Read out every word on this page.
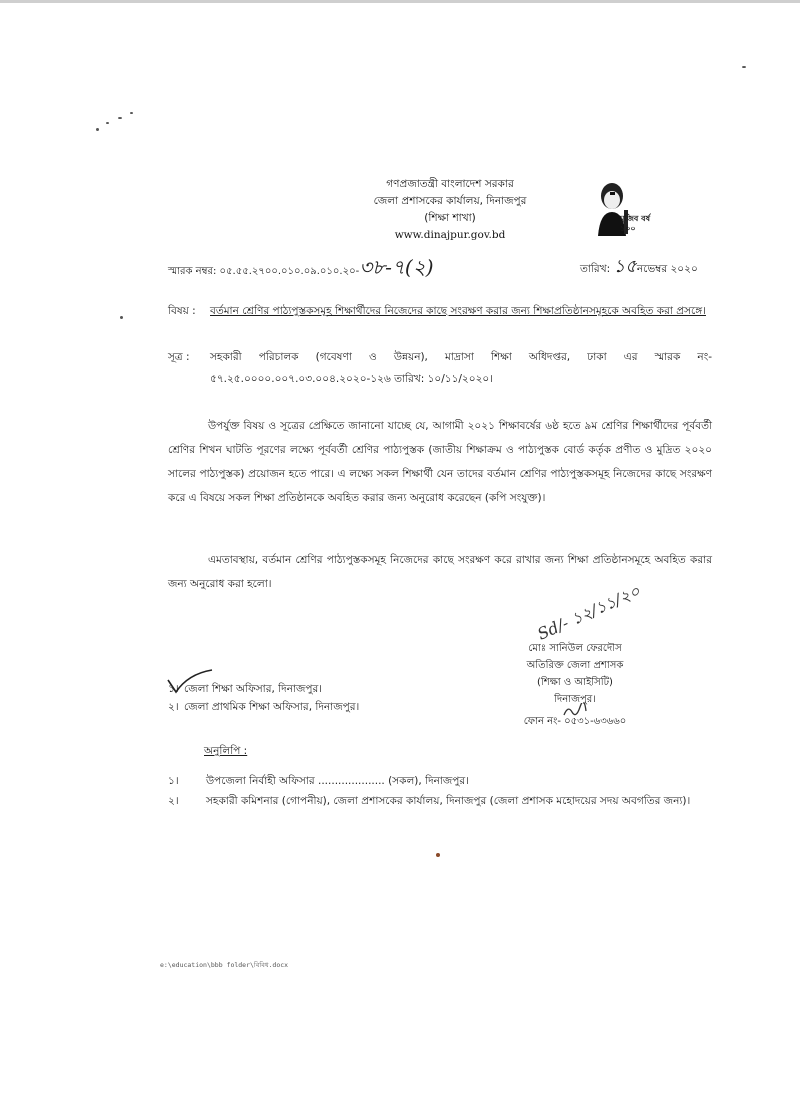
গণপ্রজাতন্ত্রী বাংলাদেশ সরকার
জেলা প্রশাসকের কার্যালয়, দিনাজপুর
(শিক্ষা শাখা)
www.dinajpur.gov.bd
মুজিব বর্ষ ১০০
স্মারক নম্বর: ০৫.৫৫.২৭০০.০১০.০৯.০১০.২০-৩৮-৭(২)	তারিখ: ১৫নভেম্বর ২০২০
বিষয় :	বর্তমান শ্রেণির পাঠ্যপুস্তকসমূহ শিক্ষার্থীদের নিজেদের কাছে সংরক্ষণ করার জন্য শিক্ষাপ্রতিষ্ঠানসমূহকে অবহিত করা প্রসঙ্গে।
সূত্র :	সহকারী পরিচালক (গবেষণা ও উন্নয়ন), মাদ্রাসা শিক্ষা অধিদপ্তর, ঢাকা এর স্মারক নং- ৫৭.২৫.০০০০.০০৭.০৩.০০৪.২০২০-১২৬ তারিখ: ১০/১১/২০২০।
উপর্যুক্ত বিষয় ও সূত্রের প্রেক্ষিতে জানানো যাচ্ছে যে, আগামী ২০২১ শিক্ষাবর্ষের ৬ষ্ঠ হতে ৯ম শ্রেণির শিক্ষার্থীদের পূর্ববর্তী শ্রেণির শিখন ঘাটতি পূরণের লক্ষ্যে পূর্ববর্তী শ্রেণির পাঠ্যপুস্তক (জাতীয় শিক্ষাক্রম ও পাঠ্যপুস্তক বোর্ড কর্তৃক প্রণীত ও মুদ্রিত ২০২০ সালের পাঠ্যপুস্তক) প্রয়োজন হতে পারে। এ লক্ষ্যে সকল শিক্ষার্থী যেন তাদের বর্তমান শ্রেণির পাঠ্যপুস্তকসমূহ নিজেদের কাছে সংরক্ষণ করে এ বিষয়ে সকল শিক্ষা প্রতিষ্ঠানকে অবহিত করার জন্য অনুরোধ করেছেন (কপি সংযুক্ত)।
এমতাবস্থায়, বর্তমান শ্রেণির পাঠ্যপুস্তকসমূহ নিজেদের কাছে সংরক্ষণ করে রাখার জন্য শিক্ষা প্রতিষ্ঠানসমূহে অবহিত করার জন্য অনুরোধ করা হলো।	Sd/- ১২/১১/২০
মোঃ সানিউল ফেরদৌস
অতিরিক্ত জেলা প্রশাসক
(শিক্ষা ও আইসিটি)
দিনাজপুর।
ফোন নং- ০৫৩১-৬৩৬৬০
১। জেলা শিক্ষা অফিসার, দিনাজপুর।
২। জেলা প্রাথমিক শিক্ষা অফিসার, দিনাজপুর।
অনুলিপি :
১।	উপজেলা নির্বাহী অফিসার .................... (সকল), দিনাজপুর।
২।	সহকারী কমিশনার (গোপনীয়), জেলা প্রশাসকের কার্যালয়, দিনাজপুর (জেলা প্রশাসক মহোদয়ের সদয় অবগতির জন্য)।
e:\education\bbb folder\বিবিধ.docx
